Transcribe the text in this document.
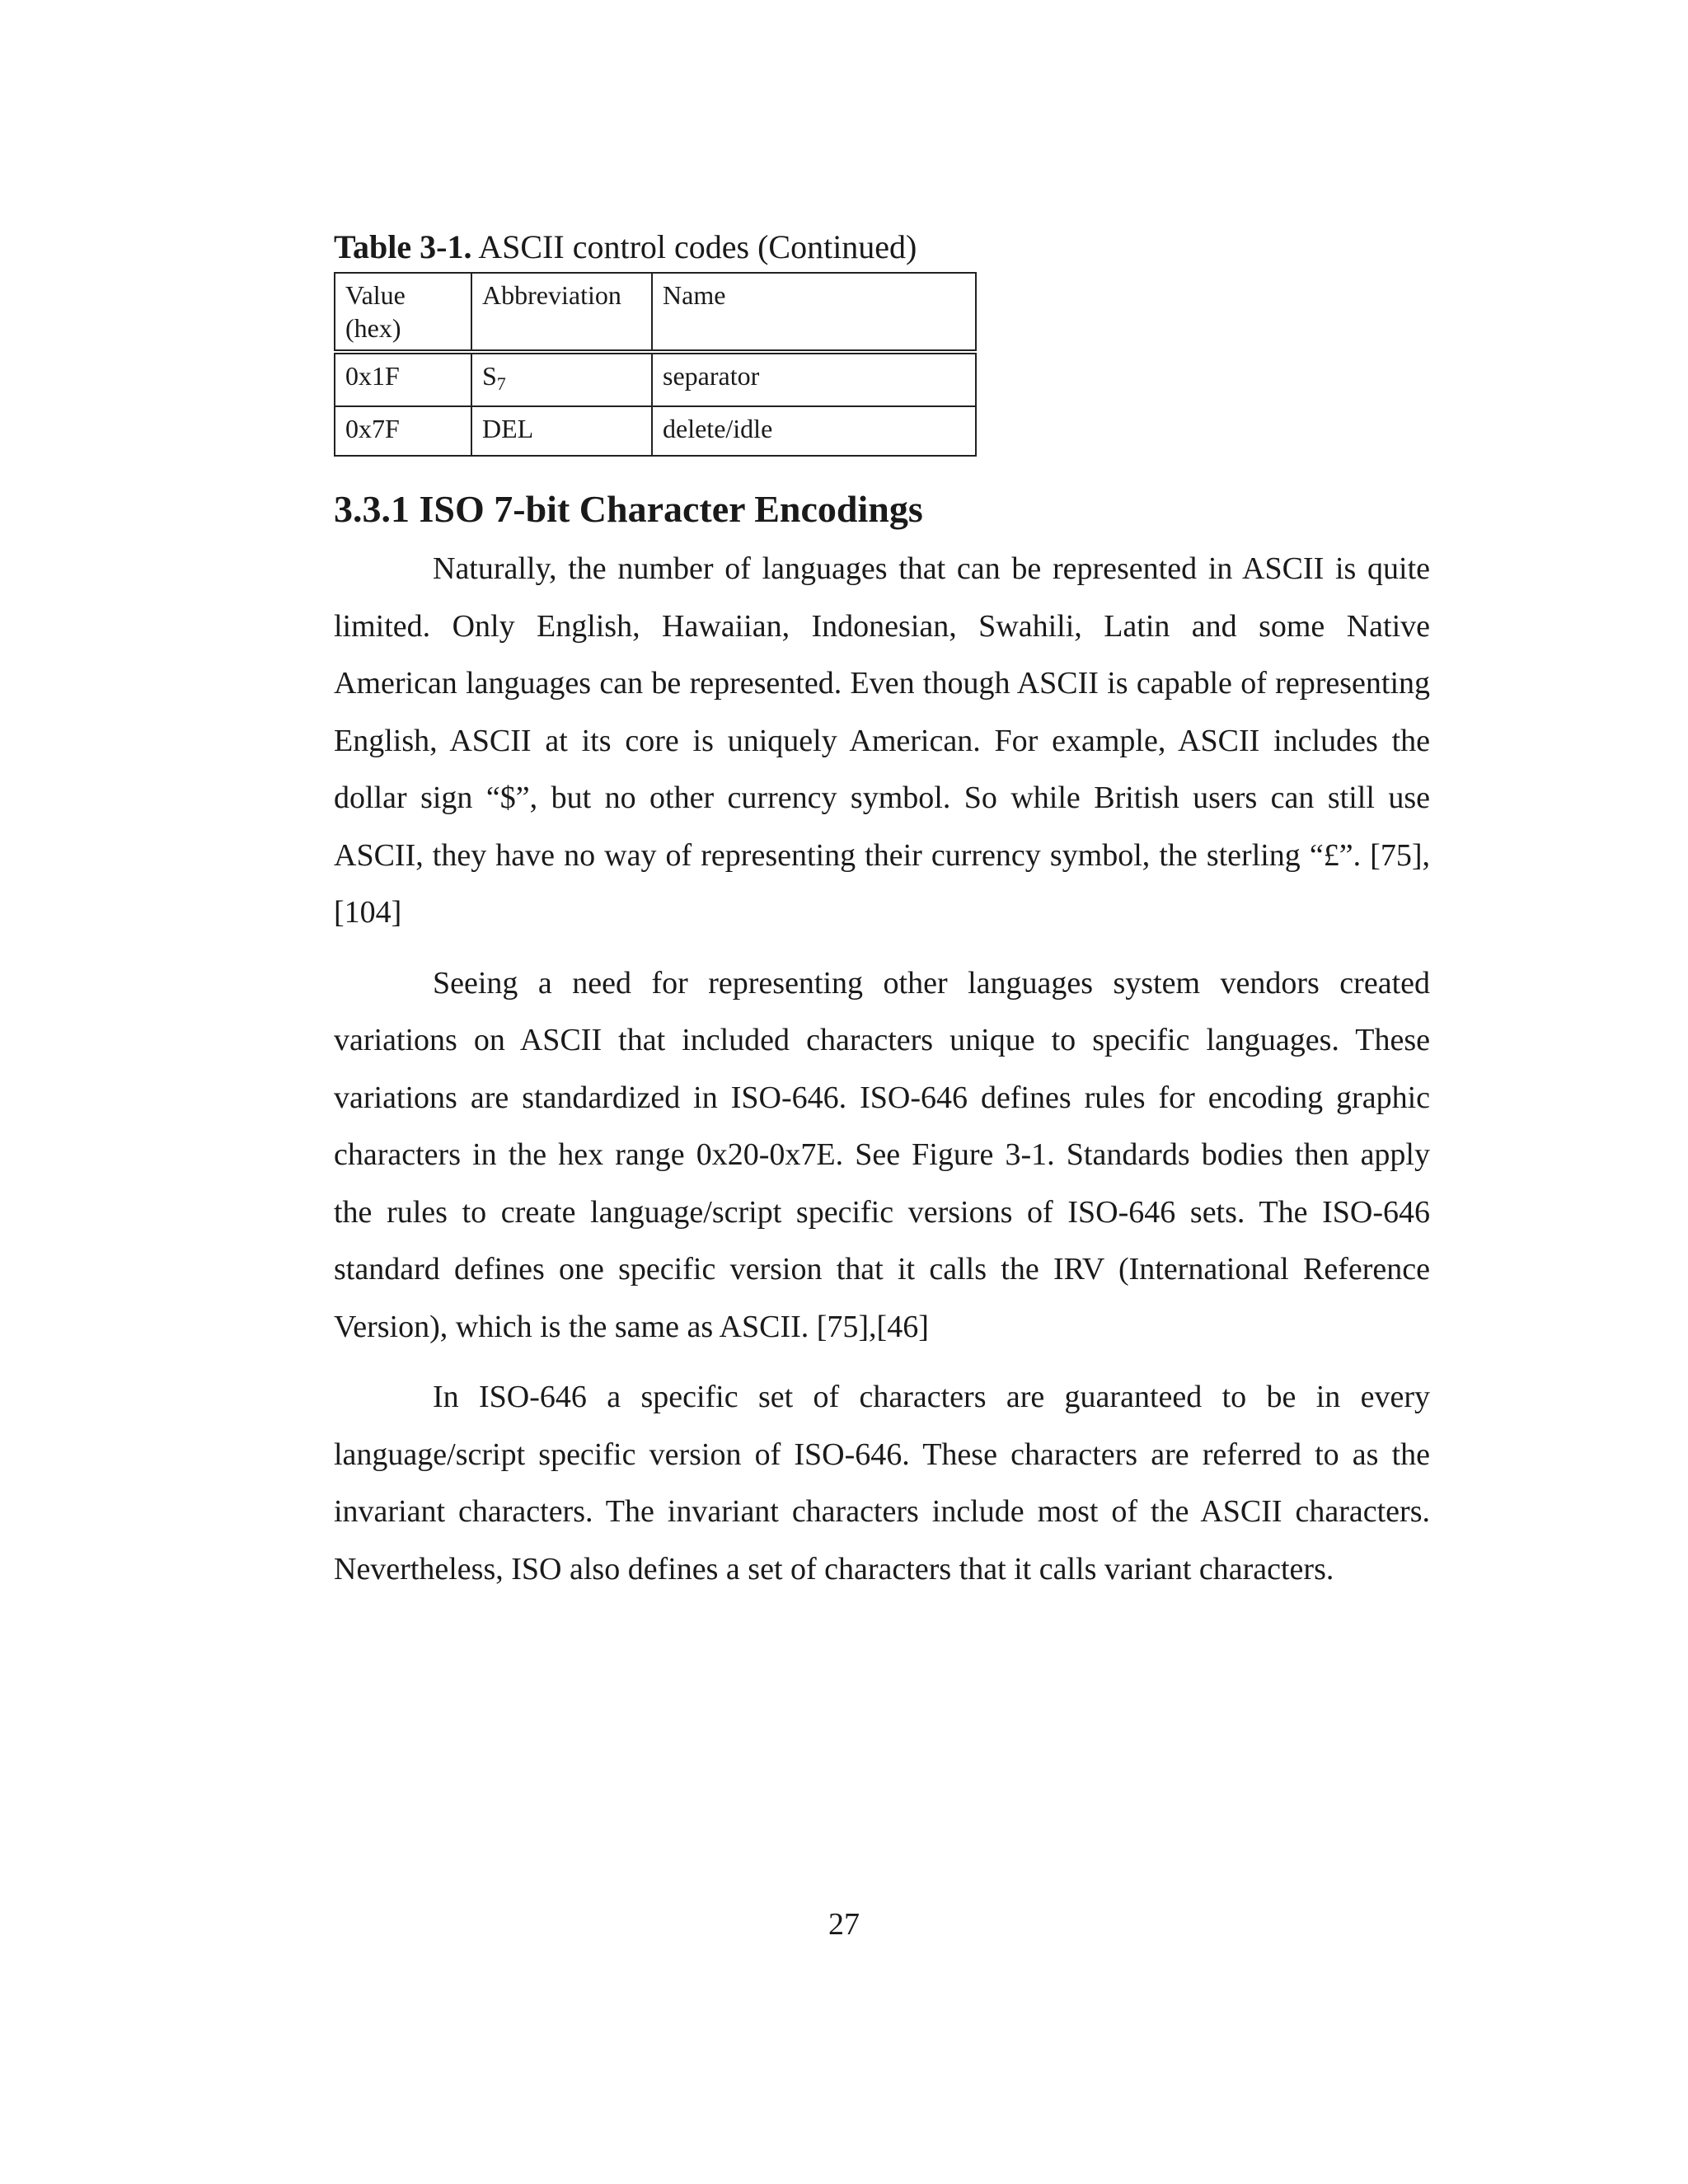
Table 3-1. ASCII control codes (Continued)
Value
(hex)	Abbreviation	Name
0x1F	S7	separator
0x7F	DEL	delete/idle
3.3.1 ISO 7-bit Character Encodings

Naturally, the number of languages that can be represented in ASCII is quite limited. Only English, Hawaiian, Indonesian, Swahili, Latin and some Native American languages can be represented. Even though ASCII is capable of representing English, ASCII at its core is uniquely American. For example, ASCII includes the dollar sign “$”, but no other currency symbol. So while British users can still use ASCII, they have no way of representing their currency symbol, the sterling “£”. [75],[104]

Seeing a need for representing other languages system vendors created variations on ASCII that included characters unique to specific languages. These variations are standardized in ISO-646. ISO-646 defines rules for encoding graphic characters in the hex range 0x20-0x7E. See Figure 3-1. Standards bodies then apply the rules to create language/script specific versions of ISO-646 sets. The ISO-646 standard defines one specific version that it calls the IRV (International Reference Version), which is the same as ASCII. [75],[46]

In ISO-646 a specific set of characters are guaranteed to be in every language/script specific version of ISO-646. These characters are referred to as the invariant characters. The invariant characters include most of the ASCII characters. Nevertheless, ISO also defines a set of characters that it calls variant characters.

27
